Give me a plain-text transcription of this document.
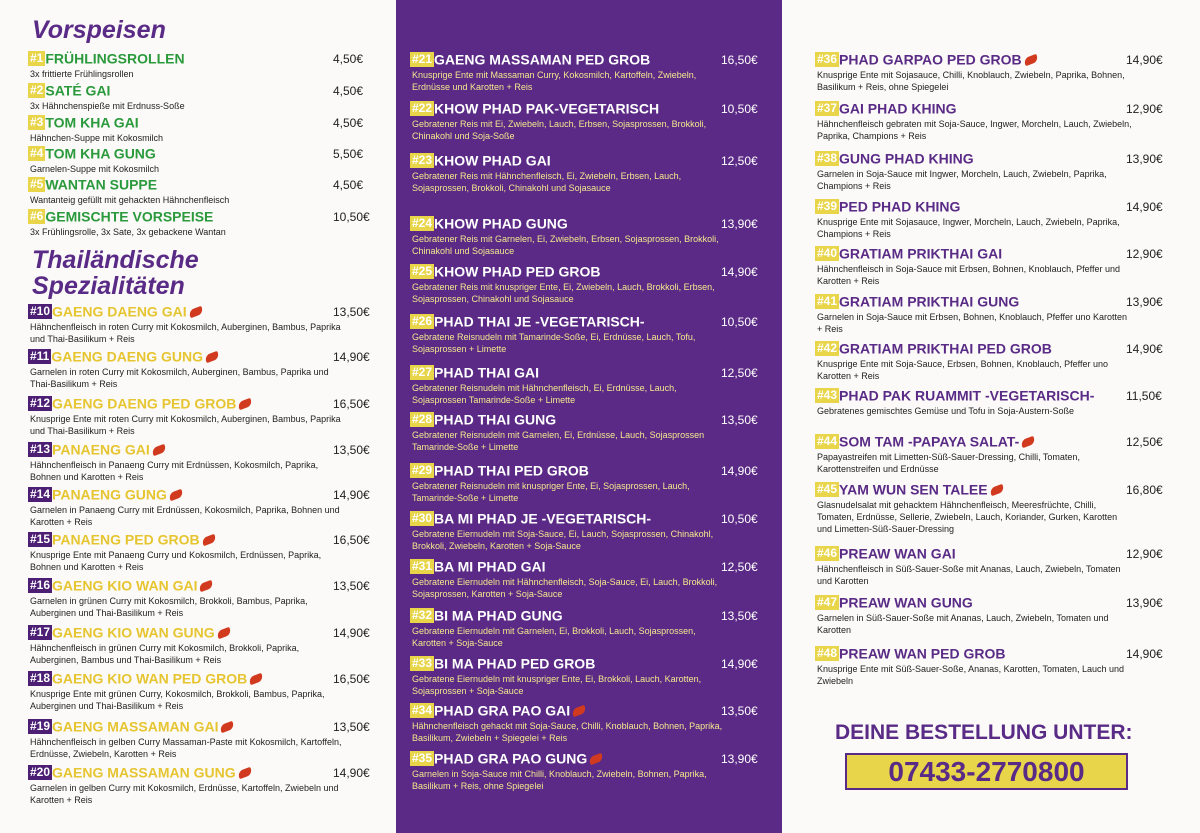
Vorspeisen
#1 FRÜHLINGSROLLEN
3x frittierte Frühlingsrollen
4,50€
#2 SATÉ GAI
3x Hähnchenspieße mit Erdnuss-Soße
4,50€
#3 TOM KHA GAI
Hähnchen-Suppe mit Kokosmilch
4,50€
#4 TOM KHA GUNG
Garnelen-Suppe mit Kokosmilch
5,50€
#5 WANTAN SUPPE
Wantanteig gefüllt mit gehackten Hähnchenfleisch
4,50€
#6 GEMISCHTE VORSPEISE
3x Frühlingsrolle, 3x Sate, 3x gebackene Wantan
10,50€
Thailändische
Spezialitäten
#10 GAENG DAENG GAI
Hähnchenfleisch in roten Curry mit Kokosmilch, Auberginen, Bambus, Paprika und Thai-Basilikum + Reis
13,50€
#11 GAENG DAENG GUNG
Garnelen in roten Curry mit Kokosmilch, Auberginen, Bambus, Paprika und Thai-Basilikum + Reis
14,90€
#12 GAENG DAENG PED GROB
Knusprige Ente mit roten Curry mit Kokosmilch, Auberginen, Bambus, Paprika und Thai-Basilikum + Reis
16,50€
#13 PANAENG GAI
Hähnchenfleisch in Panaeng Curry mit Erdnüssen, Kokosmilch, Paprika, Bohnen und Karotten + Reis
13,50€
#14 PANAENG GUNG
Garnelen in Panaeng Curry mit Erdnüssen, Kokosmilch, Paprika, Bohnen und Karotten + Reis
14,90€
#15 PANAENG PED GROB
Knusprige Ente mit Panaeng Curry und Kokosmilch, Erdnüssen, Paprika, Bohnen und Karotten + Reis
16,50€
#16 GAENG KIO WAN GAI
Garnelen in grünen Curry mit Kokosmilch, Brokkoli, Bambus, Paprika, Auberginen und Thai-Basilikum + Reis
13,50€
#17 GAENG KIO WAN GUNG
Hähnchenfleisch in grünen Curry mit Kokosmilch, Brokkoli, Paprika, Auberginen, Bambus und Thai-Basilikum + Reis
14,90€
#18 GAENG KIO WAN PED GROB
Knusprige Ente mit grünen Curry, Kokosmilch, Brokkoli, Bambus, Paprika, Auberginen und Thai-Basilikum + Reis
16,50€
#19 GAENG MASSAMAN GAI
Hähnchenfleisch in gelben Curry Massaman-Paste mit Kokosmilch, Kartoffeln, Erdnüsse, Zwiebeln, Karotten + Reis
13,50€
#20 GAENG MASSAMAN GUNG
Garnelen in gelben Curry mit Kokosmilch, Erdnüsse, Kartoffeln, Zwiebeln und Karotten + Reis
14,90€
#21 GAENG MASSAMAN PED GROB
Knusprige Ente mit Massaman Curry, Kokosmilch, Kartoffeln, Zwiebeln, Erdnüsse und Karotten + Reis
16,50€
#22 KHOW PHAD PAK-VEGETARISCH
Gebratener Reis mit Ei, Zwiebeln, Lauch, Erbsen, Sojasprossen, Brokkoli, Chinakohl und Soja-Soße
10,50€
#23 KHOW PHAD GAI
Gebratener Reis mit Hähnchenfleisch, Ei, Zwiebeln, Erbsen, Lauch, Sojasprossen, Brokkoli, Chinakohl und Sojasauce
12,50€
#24 KHOW PHAD GUNG
Gebratener Reis mit Garnelen, Ei, Zwiebeln, Erbsen, Sojasprossen, Brokkoli, Chinakohl und Sojasauce
13,90€
#25 KHOW PHAD PED GROB
Gebratener Reis mit knuspriger Ente, Ei, Zwiebeln, Lauch, Brokkoli, Erbsen, Sojasprossen, Chinakohl und Sojasauce
14,90€
#26 PHAD THAI JE -VEGETARISCH-
Gebratene Reisnudeln mit Tamarinde-Soße, Ei, Erdnüsse, Lauch, Tofu, Sojasprossen + Limette
10,50€
#27 PHAD THAI GAI
Gebratener Reisnudeln mit Hähnchenfleisch, Ei, Erdnüsse, Lauch, Sojasprossen Tamarinde-Soße + Limette
12,50€
#28 PHAD THAI GUNG
Gebratener Reisnudeln mit Garnelen, Ei, Erdnüsse, Lauch, Sojasprossen Tamarinde-Soße + Limette
13,50€
#29 PHAD THAI PED GROB
Gebratener Reisnudeln mit knuspriger Ente, Ei, Sojasprossen, Lauch, Tamarinde-Soße + Limette
14,90€
#30 BA MI PHAD JE -VEGETARISCH-
Gebratene Eiernudeln mit Soja-Sauce, Ei, Lauch, Sojasprossen, Chinakohl, Brokkoli, Zwiebeln, Karotten + Soja-Sauce
10,50€
#31 BA MI PHAD GAI
Gebratene Eiernudeln mit Hähnchenfleisch, Soja-Sauce, Ei, Lauch, Brokkoli, Sojasprossen, Karotten + Soja-Sauce
12,50€
#32 BI MA PHAD GUNG
Gebratene Eiernudeln mit Garnelen, Ei, Brokkoli, Lauch, Sojasprossen, Karotten + Soja-Sauce
13,50€
#33 BI MA PHAD PED GROB
Gebratene Eiernudeln mit knuspriger Ente, Ei, Brokkoli, Lauch, Karotten, Sojasprossen + Soja-Sauce
14,90€
#34 PHAD GRA PAO GAI
Hähnchenfleisch gehackt mit Soja-Sauce, Chilli, Knoblauch, Bohnen, Paprika, Basilikum, Zwiebeln + Spiegelei + Reis
13,50€
#35 PHAD GRA PAO GUNG
Garnelen in Soja-Sauce mit Chilli, Knoblauch, Zwiebeln, Bohnen, Paprika, Basilikum + Reis, ohne Spiegelei
13,90€
#36 PHAD GARPAO PED GROB
Knusprige Ente mit Sojasauce, Chilli, Knoblauch, Zwiebeln, Paprika, Bohnen, Basilikum + Reis, ohne Spiegelei
14,90€
#37 GAI PHAD KHING
Hähnchenfleisch gebraten mit Soja-Sauce, Ingwer, Morcheln, Lauch, Zwiebeln, Paprika, Champions + Reis
12,90€
#38 GUNG PHAD KHING
Garnelen in Soja-Sauce mit Ingwer, Morcheln, Lauch, Zwiebeln, Paprika, Champions + Reis
13,90€
#39 PED PHAD KHING
Knusprige Ente mit Sojasauce, Ingwer, Morcheln, Lauch, Zwiebeln, Paprika, Champions + Reis
14,90€
#40 GRATIAM PRIKTHAI GAI
Hähnchenfleisch in Soja-Sauce mit Erbsen, Bohnen, Knoblauch, Pfeffer und Karotten + Reis
12,90€
#41 GRATIAM PRIKTHAI GUNG
Garnelen in Soja-Sauce mit Erbsen, Bohnen, Knoblauch, Pfeffer uno Karotten + Reis
13,90€
#42 GRATIAM PRIKTHAI PED GROB
Knusprige Ente mit Soja-Sauce, Erbsen, Bohnen, Knoblauch, Pfeffer uno Karotten + Reis
14,90€
#43 PHAD PAK RUAMMIT -VEGETARISCH-
Gebratenes gemischtes Gemüse und Tofu in Soja-Austern-Soße
11,50€
#44 SOM TAM -PAPAYA SALAT-
Papayastreifen mit Limetten-Süß-Sauer-Dressing, Chilli, Tomaten, Karottenstreifen und Erdnüsse
12,50€
#45 YAM WUN SEN TALEE
Glasnudelsalat mit gehacktem Hähnchenfleisch, Meeresfrüchte, Chilli, Tomaten, Erdnüsse, Sellerie, Zwiebeln, Lauch, Koriander, Gurken, Karotten und Limetten-Süß-Sauer-Dressing
16,80€
#46 PREAW WAN GAI
Hähnchenfleisch in Süß-Sauer-Soße mit Ananas, Lauch, Zwiebeln, Tomaten und Karotten
12,90€
#47 PREAW WAN GUNG
Garnelen in Süß-Sauer-Soße mit Ananas, Lauch, Zwiebeln, Tomaten und Karotten
13,90€
#48 PREAW WAN PED GROB
Knusprige Ente mit Süß-Sauer-Soße, Ananas, Karotten, Tomaten, Lauch und Zwiebeln
14,90€
DEINE BESTELLUNG UNTER:
07433-2770800
